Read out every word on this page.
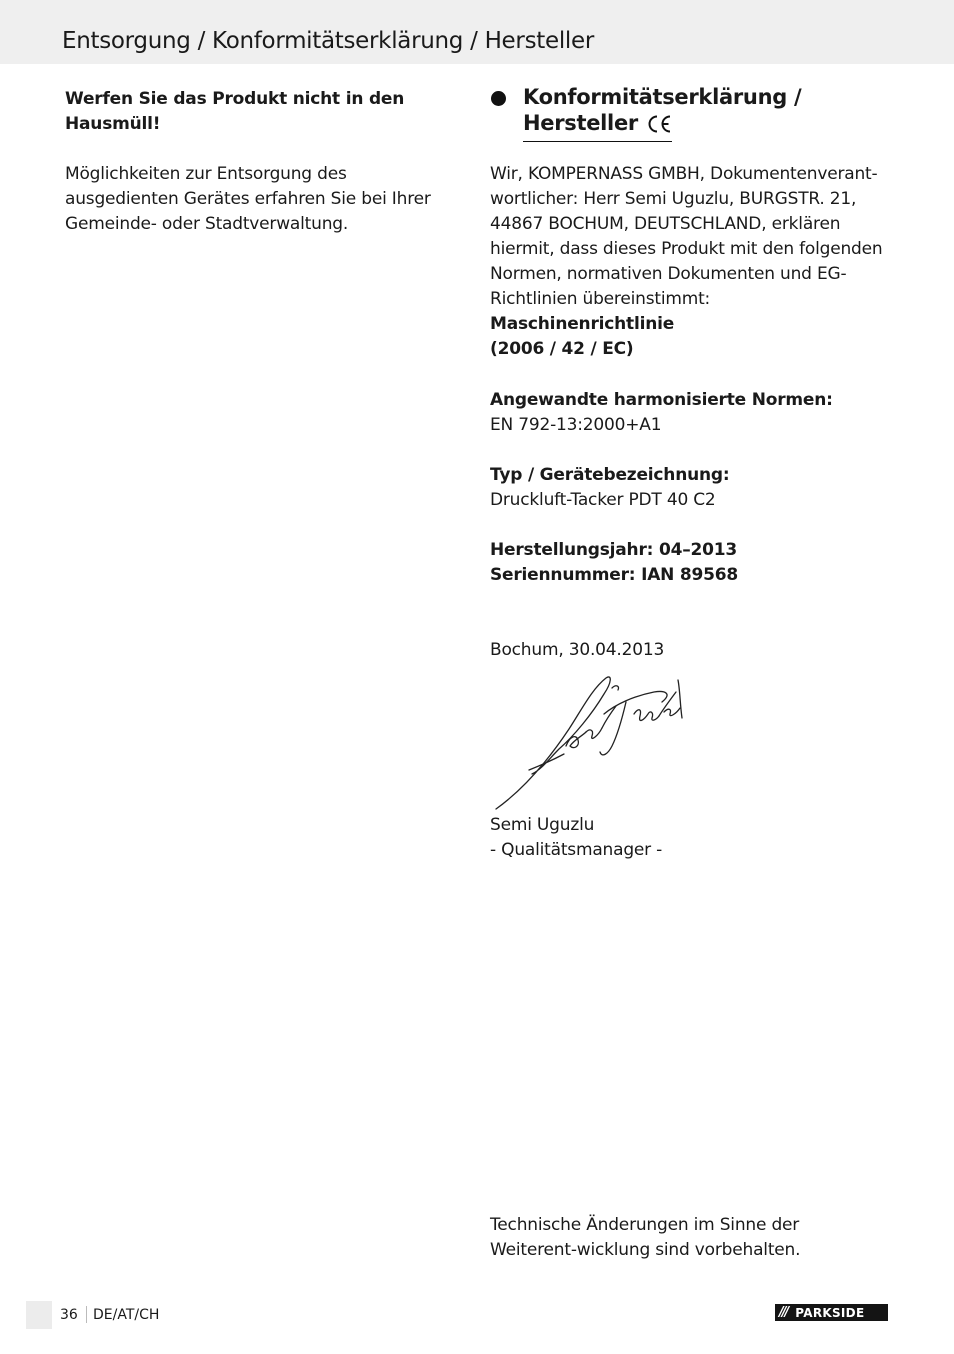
Entsorgung / Konformitätserklärung / Hersteller
Werfen Sie das Produkt nicht in den Hausmüll!
Möglichkeiten zur Entsorgung des ausgedienten Gerätes erfahren Sie bei Ihrer Gemeinde- oder Stadtverwaltung.
Konformitätserklärung /
Hersteller
Wir, KOMPERNASS GMBH, Dokumentenverant-wortlicher: Herr Semi Uguzlu, BURGSTR. 21, 44867 BOCHUM, DEUTSCHLAND, erklären hiermit, dass dieses Produkt mit den folgenden Normen, normativen Dokumenten und EG-Richtlinien übereinstimmt:
Maschinenrichtlinie
(2006 / 42 / EC)
Angewandte harmonisierte Normen:
EN 792-13:2000+A1
Typ / Gerätebezeichnung:
Druckluft-Tacker PDT 40 C2
Herstellungsjahr: 04–2013
Seriennummer: IAN 89568
Bochum, 30.04.2013
Semi Uguzlu
- Qualitätsmanager -
Technische Änderungen im Sinne der Weiterent-wicklung sind vorbehalten.
36 DE/AT/CH	/// PARKSIDE
